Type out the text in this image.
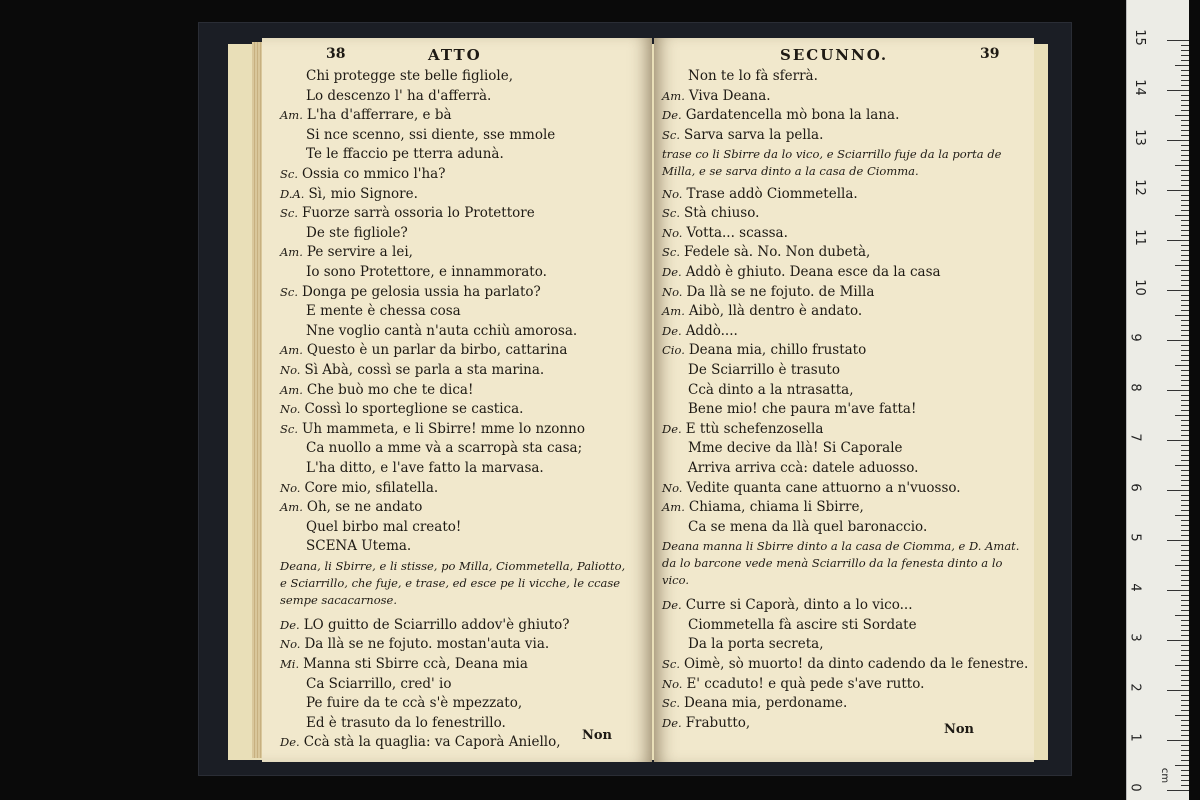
38	ATTO
Chi protegge ste belle figliole,
Lo descenzo l' ha d'afferrà.
Am. L'ha d'afferrare, e bà
Si nce scenno, ssi diente, sse mmole
Te le ffaccio pe tterra adunà.
Sc. Ossia co mmico l'ha?
D.A. Sì, mio Signore.
Sc. Fuorze sarrà ossoria lo Protettore
De ste figliole?
Am. Pe servire a lei,
Io sono Protettore, e innammorato.
Sc. Donga pe gelosia ussia ha parlato?
E mente è chessa cosa
Nne voglio cantà n'auta cchiù amorosa.
Am. Questo è un parlar da birbo, cattarina
No. Sì Abà, cossì se parla a sta marina.
Am. Che buò mo che te dica!
No. Cossì lo sporteglione se castica.
Sc. Uh mammeta, e li Sbirre! mme lo nzonno
Ca nuollo a mme và a scarropà sta casa;
L'ha ditto, e l'ave fatto la marvasa.
No. Core mio, sfilatella.
Am. Oh, se ne andato
Quel birbo mal creato!
SCENA Utema.
Deana, li Sbirre, e li stisse, po Milla, Ciommetella, Paliotto, e Sciarrillo, che fuje, e trase, ed esce pe li vicche, le ccase sempe sacacarnose.
De. LO guitto de Sciarrillo addov'è ghiuto?
No. Da llà se ne fojuto. mostan'auta via.
Mi. Manna sti Sbirre ccà, Deana mia
Ca Sciarrillo, cred' io
Pe fuire da te ccà s'è mpezzato,
Ed è trasuto da lo fenestrillo.
De. Ccà stà la quaglia: va Caporà Aniello, Non
SECUNNO.	39
Non te lo fà sferrà.
Am. Viva Deana.
De. Gardatencella mò bona la lana.
Sc. Sarva sarva la pella.
trase co li Sbirre da lo vico, e Sciarrillo fuje da la porta de Milla, e se sarva dinto a la casa de Ciomma.
No. Trase addò Ciommetella.
Sc. Stà chiuso.
No. Votta... scassa.
Sc. Fedele sà. No. Non dubetà,
De. Addò è ghiuto. Deana esce da la casa
No. Da llà se ne fojuto. de Milla
Am. Aibò, llà dentro è andato.
De. Addò....
Cio. Deana mia, chillo frustato
De Sciarrillo è trasuto
Ccà dinto a la ntrasatta,
Bene mio! che paura m'ave fatta!
De. E ttù schefenzosella
Mme decive da llà! Si Caporale
Arriva arriva ccà: datele aduosso.
No. Vedite quanta cane attuorno a n'vuosso.
Am. Chiama, chiama li Sbirre,
Ca se mena da llà quel baronaccio.
Deana manna li Sbirre dinto a la casa de Ciomma, e D. Amat. da lo barcone vede menà Sciarrillo da la fenesta dinto a lo vico.
De. Curre si Caporà, dinto a lo vico...
Ciommetella fà ascire sti Sordate
Da la porta secreta,
Sc. Oimè, sò muorto! da dinto cadendo da le fenestre.
No. E' ccaduto! e quà pede s'ave rutto.
Sc. Deana mia, perdoname.
De. Frabutto,	Non
0
1
2
3
4
5
6
7
8
9
10
11
12
13
14
15
cm
